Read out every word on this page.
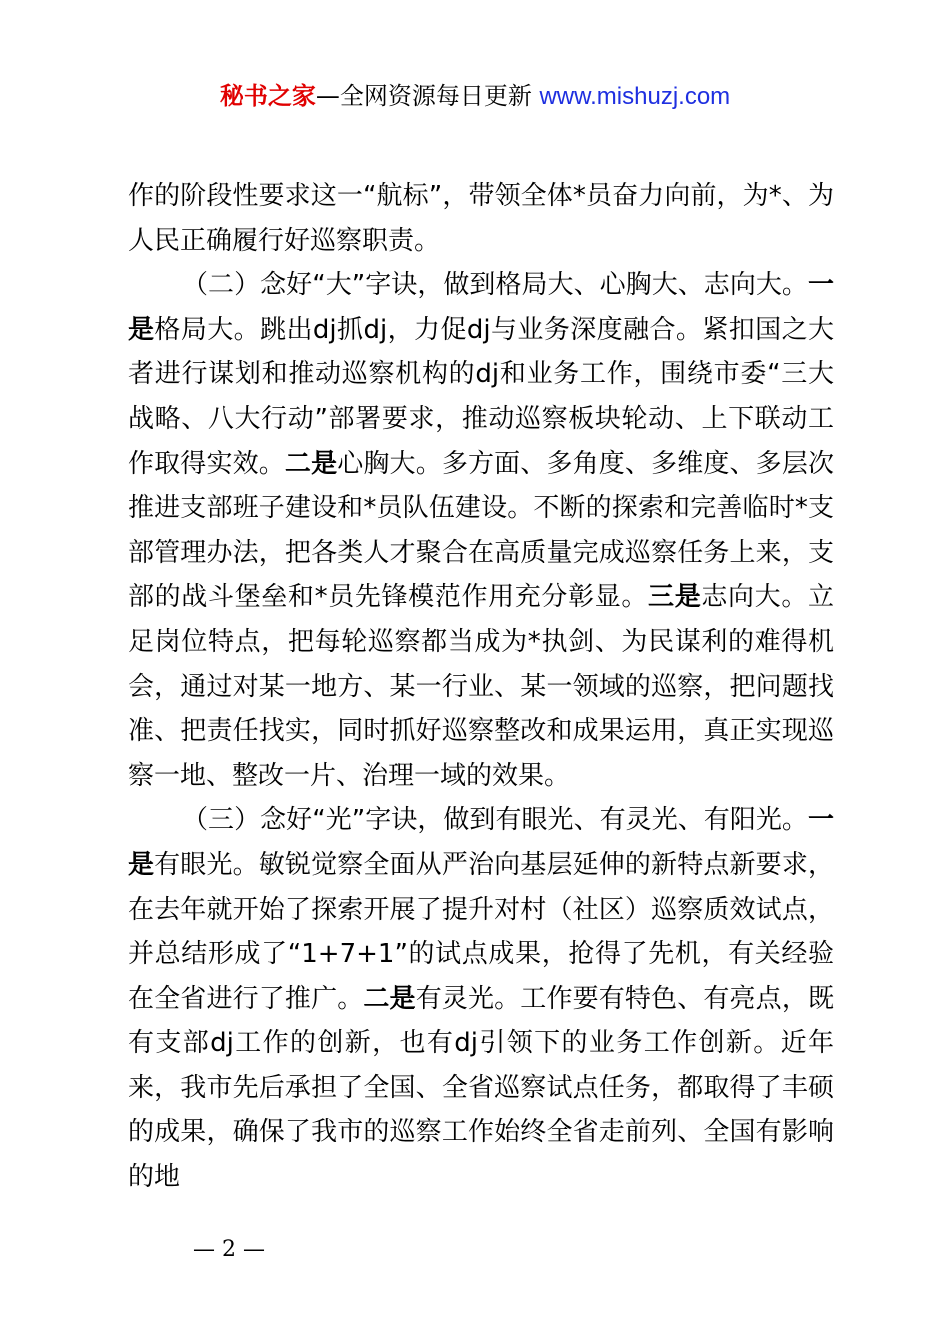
秘书之家—全网资源每日更新 www.mishuzj.com

作的阶段性要求这一“航标”，带领全体*员奋力向前，为*、为人民正确履行好巡察职责。

（二）念好“大”字诀，做到格局大、心胸大、志向大。一是格局大。跳出dj抓dj，力促dj与业务深度融合。紧扣国之大者进行谋划和推动巡察机构的dj和业务工作，围绕市委“三大战略、八大行动”部署要求，推动巡察板块轮动、上下联动工作取得实效。二是心胸大。多方面、多角度、多维度、多层次推进支部班子建设和*员队伍建设。不断的探索和完善临时*支部管理办法，把各类人才聚合在高质量完成巡察任务上来，支部的战斗堡垒和*员先锋模范作用充分彰显。三是志向大。立足岗位特点，把每轮巡察都当成为*执剑、为民谋利的难得机会，通过对某一地方、某一行业、某一领域的巡察，把问题找准、把责任找实，同时抓好巡察整改和成果运用，真正实现巡察一地、整改一片、治理一域的效果。

（三）念好“光”字诀，做到有眼光、有灵光、有阳光。一是有眼光。敏锐觉察全面从严治向基层延伸的新特点新要求，在去年就开始了探索开展了提升对村（社区）巡察质效试点，并总结形成了“1+7+1”的试点成果，抢得了先机，有关经验在全省进行了推广。二是有灵光。工作要有特色、有亮点，既有支部dj工作的创新，也有dj引领下的业务工作创新。近年来，我市先后承担了全国、全省巡察试点任务，都取得了丰硕的成果，确保了我市的巡察工作始终全省走前列、全国有影响的地

— 2 —
